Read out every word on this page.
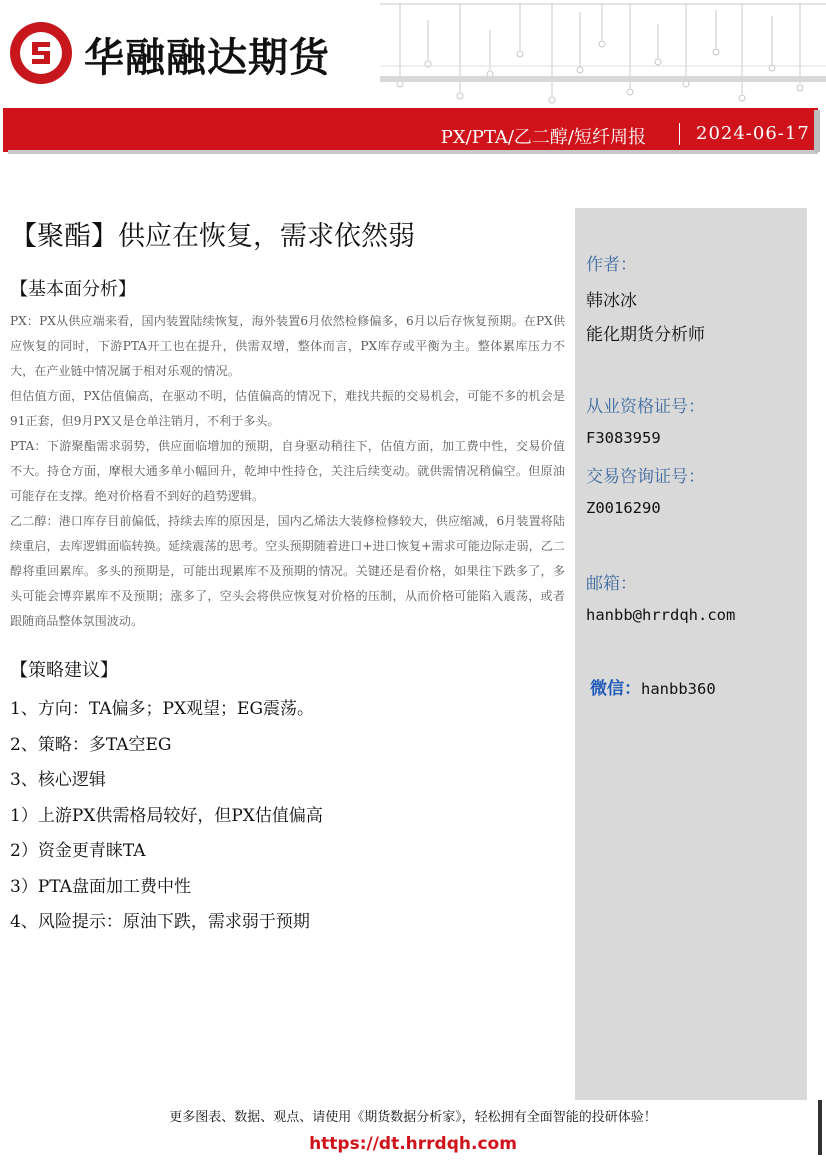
华融融达期货
PX/PTA/乙二醇/短纤周报	2024-06-17
【聚酯】供应在恢复，需求依然弱
【基本面分析】

PX：PX从供应端来看，国内装置陆续恢复，海外装置6月依然检修偏多，6月以后存恢复预期。在PX供应恢复的同时，下游PTA开工也在提升，供需双增，整体而言，PX库存或平衡为主。整体累库压力不大，在产业链中情况属于相对乐观的情况。

但估值方面，PX估值偏高，在驱动不明，估值偏高的情况下，难找共振的交易机会，可能不多的机会是91正套，但9月PX又是仓单注销月，不利于多头。

PTA：下游聚酯需求弱势，供应面临增加的预期，自身驱动稍往下，估值方面，加工费中性，交易价值不大。持仓方面，摩根大通多单小幅回升，乾坤中性持仓，关注后续变动。就供需情况稍偏空。但原油可能存在支撑。绝对价格看不到好的趋势逻辑。

乙二醇：港口库存目前偏低，持续去库的原因是，国内乙烯法大装修检修较大，供应缩减，6月装置将陆续重启，去库逻辑面临转换。延续震荡的思考。空头预期随着进口+进口恢复+需求可能边际走弱，乙二醇将重回累库。多头的预期是，可能出现累库不及预期的情况。关键还是看价格，如果往下跌多了，多头可能会博弈累库不及预期；涨多了，空头会将供应恢复对价格的压制，从而价格可能陷入震荡，或者跟随商品整体氛围波动。

【策略建议】
1、方向：TA偏多；PX观望；EG震荡。
2、策略：多TA空EG
3、核心逻辑
1）上游PX供需格局较好，但PX估值偏高
2）资金更青睐TA
3）PTA盘面加工费中性
4、风险提示：原油下跌，需求弱于预期
作者：
韩冰冰
能化期货分析师
从业资格证号：
F3083959
交易咨询证号：
Z0016290
邮箱：
hanbb@hrrdqh.com
微信：hanbb360
更多图表、数据、观点、请使用《期货数据分析家》，轻松拥有全面智能的投研体验！
https://dt.hrrdqh.com
